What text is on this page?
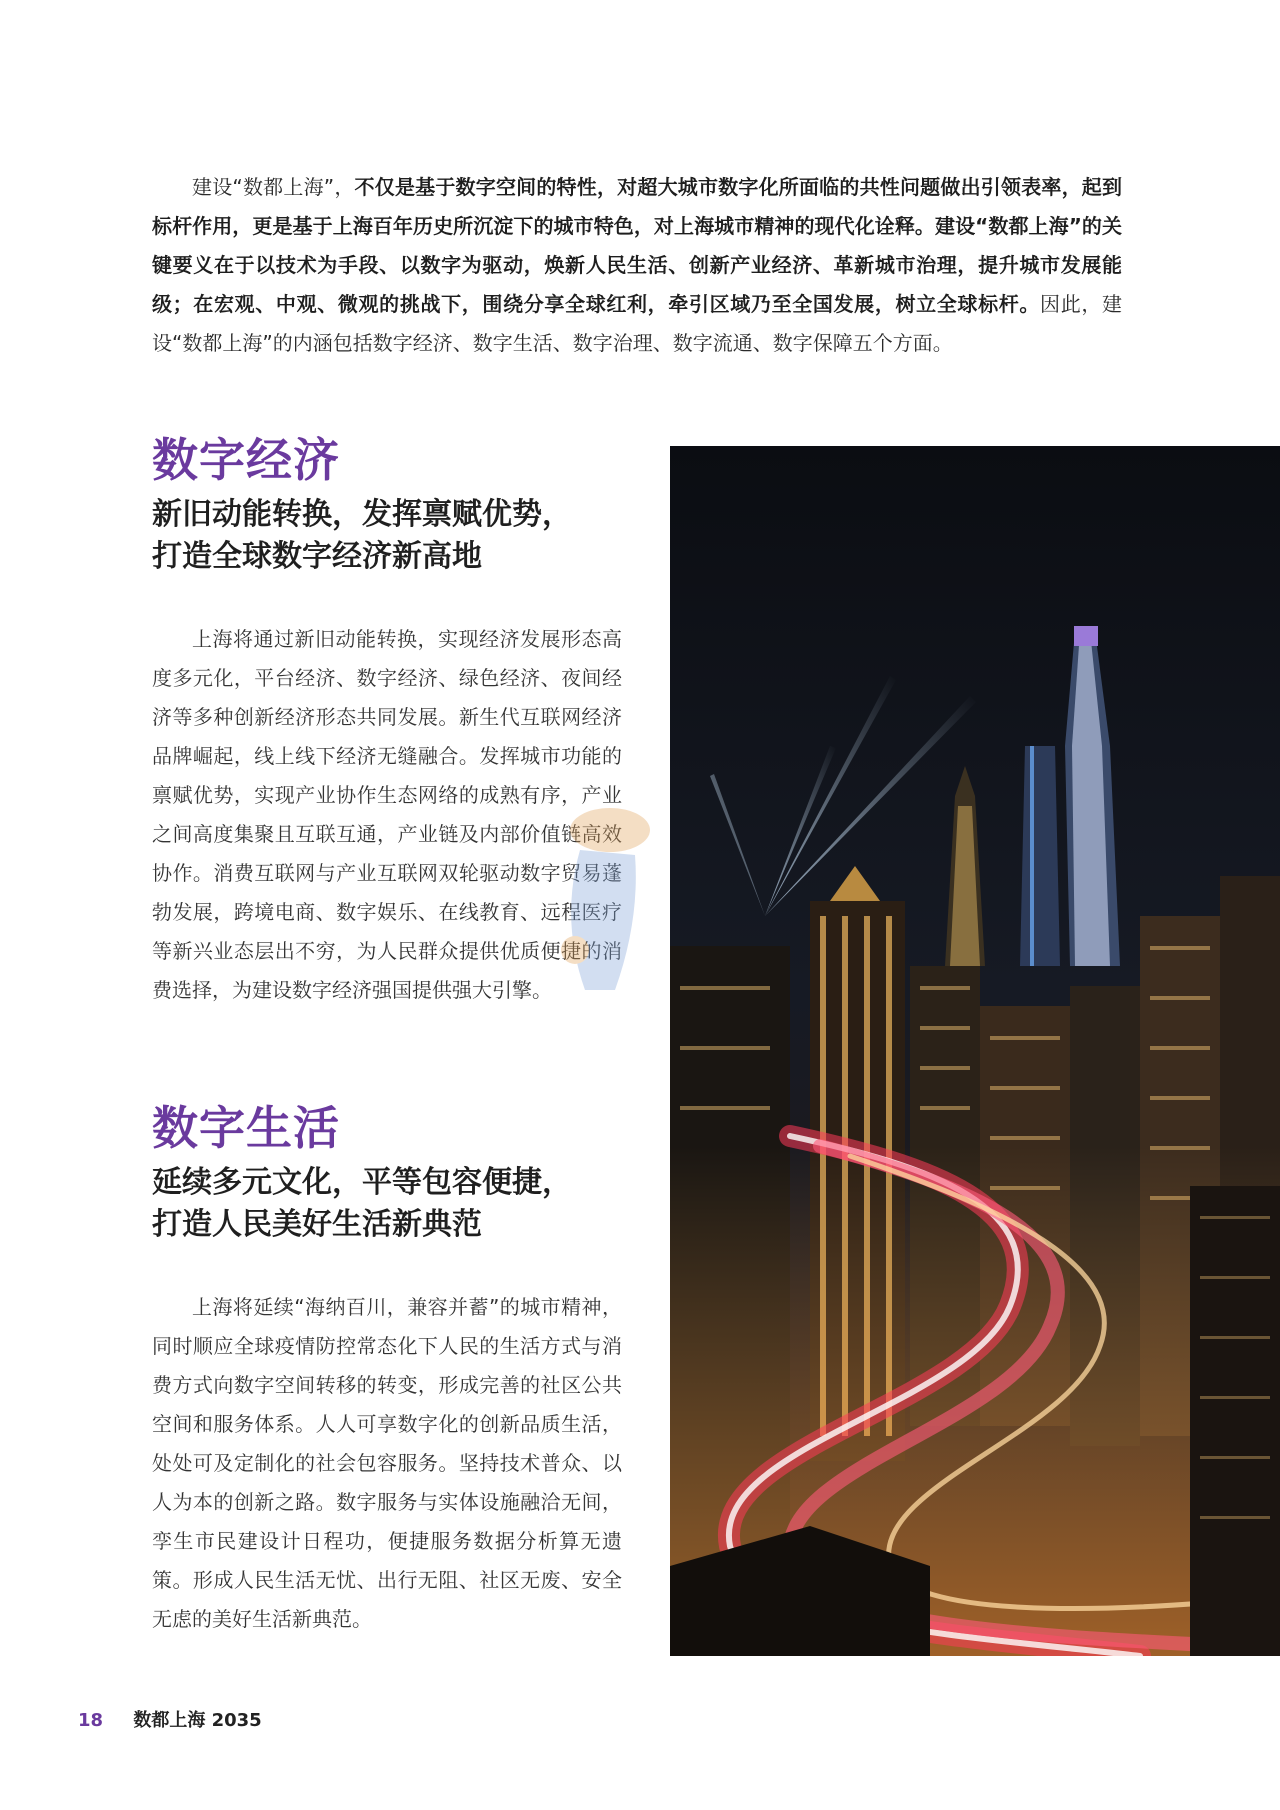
建设“数都上海”，不仅是基于数字空间的特性，对超大城市数字化所面临的共性问题做出引领表率，起到标杆作用，更是基于上海百年历史所沉淀下的城市特色，对上海城市精神的现代化诠释。建设“数都上海”的关键要义在于以技术为手段、以数字为驱动，焕新人民生活、创新产业经济、革新城市治理，提升城市发展能级；在宏观、中观、微观的挑战下，围绕分享全球红利，牵引区域乃至全国发展，树立全球标杆。因此，建设“数都上海”的内涵包括数字经济、数字生活、数字治理、数字流通、数字保障五个方面。

数字经济
新旧动能转换，发挥禀赋优势，
打造全球数字经济新高地

上海将通过新旧动能转换，实现经济发展形态高度多元化，平台经济、数字经济、绿色经济、夜间经济等多种创新经济形态共同发展。新生代互联网经济品牌崛起，线上线下经济无缝融合。发挥城市功能的禀赋优势，实现产业协作生态网络的成熟有序，产业之间高度集聚且互联互通，产业链及内部价值链高效协作。消费互联网与产业互联网双轮驱动数字贸易蓬勃发展，跨境电商、数字娱乐、在线教育、远程医疗等新兴业态层出不穷，为人民群众提供优质便捷的消费选择，为建设数字经济强国提供强大引擎。

数字生活
延续多元文化，平等包容便捷，
打造人民美好生活新典范

上海将延续“海纳百川，兼容并蓄”的城市精神，同时顺应全球疫情防控常态化下人民的生活方式与消费方式向数字空间转移的转变，形成完善的社区公共空间和服务体系。人人可享数字化的创新品质生活，处处可及定制化的社会包容服务。坚持技术普众、以人为本的创新之路。数字服务与实体设施融洽无间，孪生市民建设计日程功，便捷服务数据分析算无遗策。形成人民生活无忧、出行无阻、社区无废、安全无虑的美好生活新典范。

18 数都上海 2035
